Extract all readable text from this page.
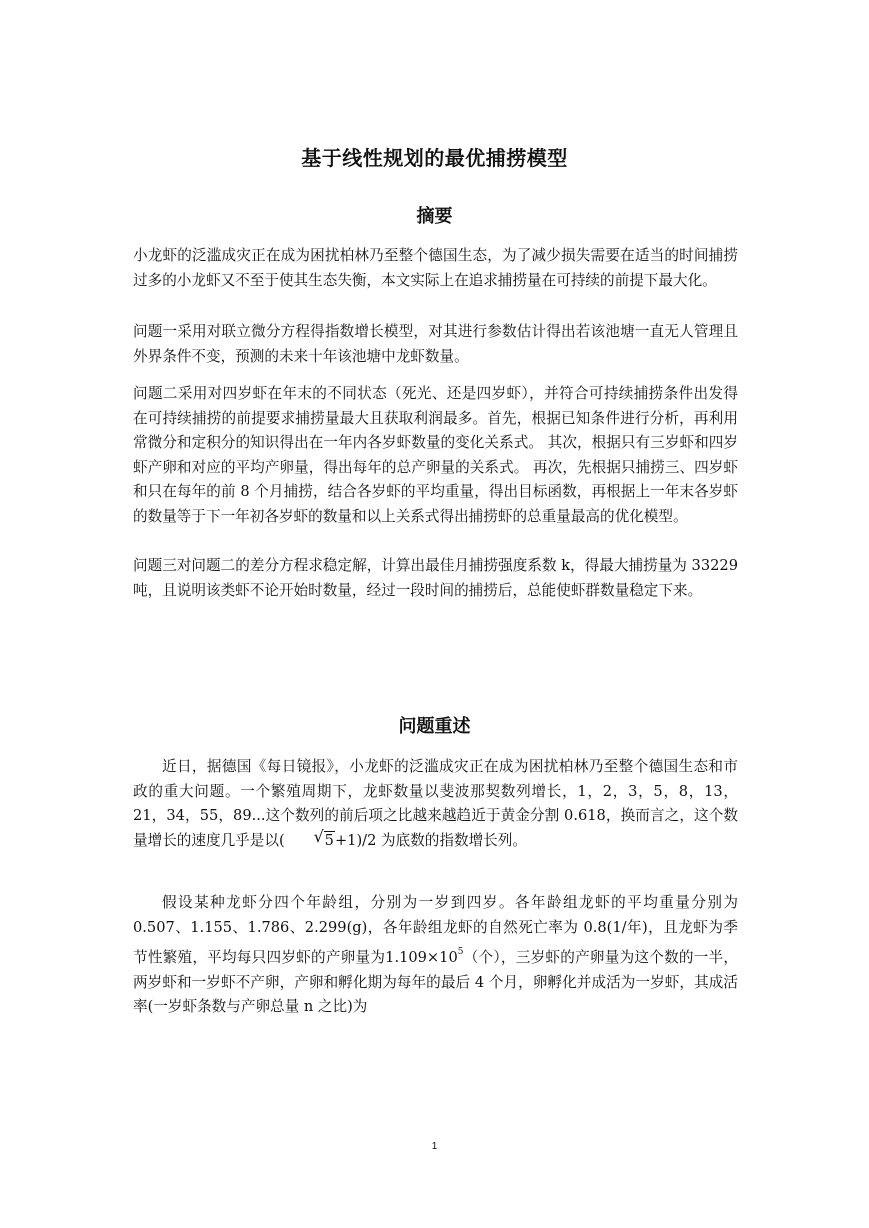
基于线性规划的最优捕捞模型
摘要

小龙虾的泛滥成灾正在成为困扰柏林乃至整个德国生态，为了减少损失需要在适当的时间捕捞过多的小龙虾又不至于使其生态失衡，本文实际上在追求捕捞量在可持续的前提下最大化。

问题一采用对联立微分方程得指数增长模型，对其进行参数估计得出若该池塘一直无人管理且外界条件不变，预测的未来十年该池塘中龙虾数量。

问题二采用对四岁虾在年末的不同状态（死光、还是四岁虾），并符合可持续捕捞条件出发得在可持续捕捞的前提要求捕捞量最大且获取利润最多。首先，根据已知条件进行分析，再利用常微分和定积分的知识得出在一年内各岁虾数量的变化关系式。 其次，根据只有三岁虾和四岁虾产卵和对应的平均产卵量，得出每年的总产卵量的关系式。 再次，先根据只捕捞三、四岁虾和只在每年的前 8 个月捕捞，结合各岁虾的平均重量，得出目标函数，再根据上一年末各岁虾的数量等于下一年初各岁虾的数量和以上关系式得出捕捞虾的总重量最高的优化模型。

问题三对问题二的差分方程求稳定解，计算出最佳月捕捞强度系数 k，得最大捕捞量为 33229 吨，且说明该类虾不论开始时数量，经过一段时间的捕捞后，总能使虾群数量稳定下来。

问题重述

近日，据德国《每日镜报》，小龙虾的泛滥成灾正在成为困扰柏林乃至整个德国生态和市政的重大问题。一个繁殖周期下，龙虾数量以斐波那契数列增长，1，2，3，5，8，13，21，34，55，89...这个数列的前后项之比越来越趋近于黄金分割 0.618，换而言之，这个数量增长的速度几乎是以(	√ 5+1)/2 为底数的指数增长列。

假设某种龙虾分四个年龄组，分别为一岁到四岁。各年龄组龙虾的平均重量分别为 0.507、1.155、1.786、2.299(g)，各年龄组龙虾的自然死亡率为 0.8(1/年)，且龙虾为季节性繁殖，平均每只四岁虾的产卵量为$1.109\times 10^5$（个），三岁虾的产卵量为这个数的一半，两岁虾和一岁虾不产卵，产卵和孵化期为每年的最后 4 个月，卵孵化并成活为一岁虾，其成活率(一岁虾条数与产卵总量 n 之比)为

1
